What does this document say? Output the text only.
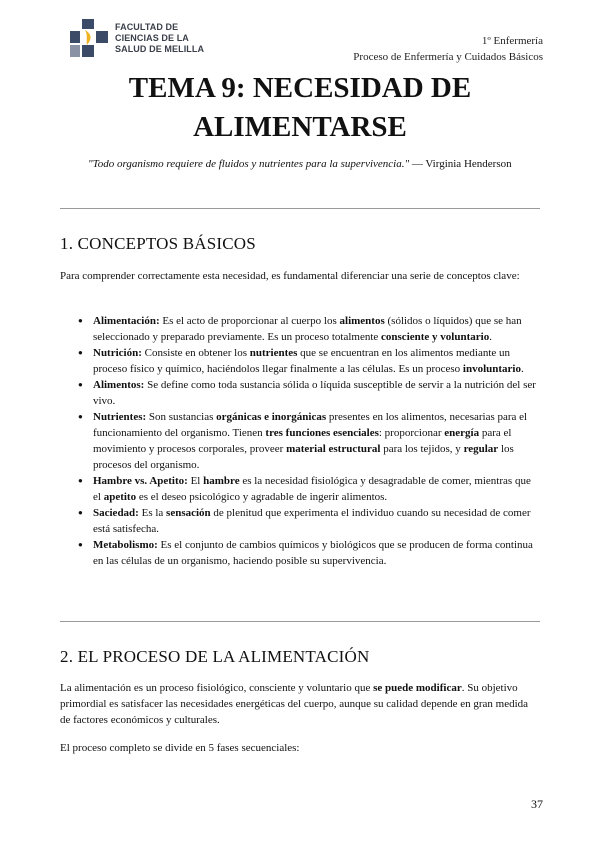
FACULTAD DE
CIENCIAS DE LA
SALUD DE MELILLA
1º Enfermería
Proceso de Enfermería y Cuidados Básicos
TEMA 9: NECESIDAD DE
ALIMENTARSE
"Todo organismo requiere de fluidos y nutrientes para la supervivencia." — Virginia Henderson
1. CONCEPTOS BÁSICOS

Para comprender correctamente esta necesidad, es fundamental diferenciar una serie de conceptos clave:

● Alimentación: Es el acto de proporcionar al cuerpo los alimentos (sólidos o líquidos) que se han seleccionado y preparado previamente. Es un proceso totalmente consciente y voluntario.
● Nutrición: Consiste en obtener los nutrientes que se encuentran en los alimentos mediante un proceso físico y químico, haciéndolos llegar finalmente a las células. Es un proceso involuntario.
● Alimentos: Se define como toda sustancia sólida o líquida susceptible de servir a la nutrición del ser vivo.
● Nutrientes: Son sustancias orgánicas e inorgánicas presentes en los alimentos, necesarias para el funcionamiento del organismo. Tienen tres funciones esenciales: proporcionar energía para el movimiento y procesos corporales, proveer material estructural para los tejidos, y regular los procesos del organismo.
● Hambre vs. Apetito: El hambre es la necesidad fisiológica y desagradable de comer, mientras que el apetito es el deseo psicológico y agradable de ingerir alimentos.
● Saciedad: Es la sensación de plenitud que experimenta el individuo cuando su necesidad de comer está satisfecha.
● Metabolismo: Es el conjunto de cambios químicos y biológicos que se producen de forma continua en las células de un organismo, haciendo posible su supervivencia.
2. EL PROCESO DE LA ALIMENTACIÓN

La alimentación es un proceso fisiológico, consciente y voluntario que se puede modificar. Su objetivo primordial es satisfacer las necesidades energéticas del cuerpo, aunque su calidad depende en gran medida de factores económicos y culturales.

El proceso completo se divide en 5 fases secuenciales:

37
